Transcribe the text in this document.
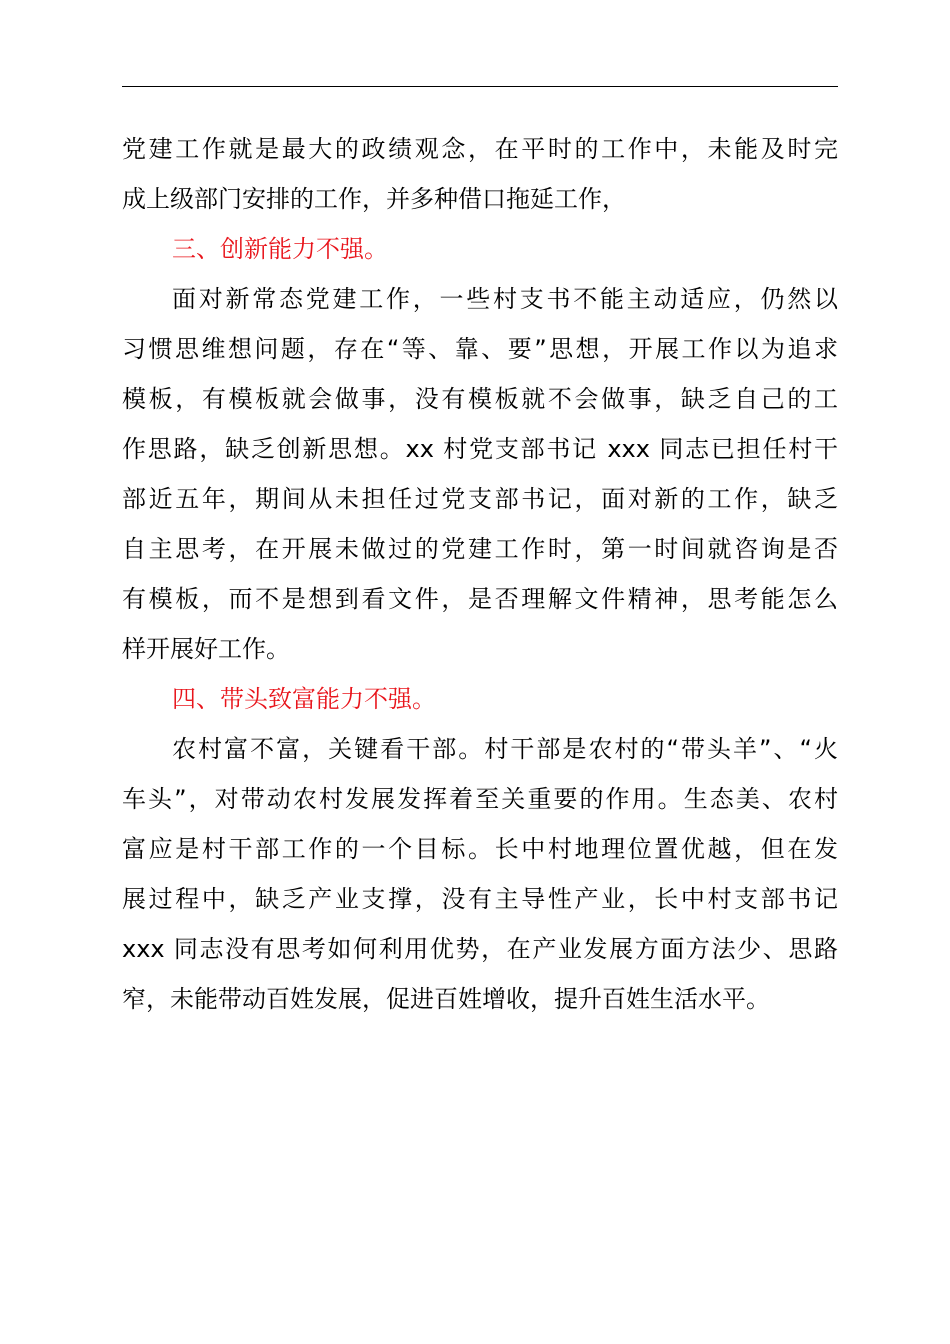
党建工作就是最大的政绩观念，在平时的工作中，未能及时完
成上级部门安排的工作，并多种借口拖延工作，
三、创新能力不强。
面对新常态党建工作，一些村支书不能主动适应，仍然以
习惯思维想问题，存在“等、靠、要”思想，开展工作以为追求
模板，有模板就会做事，没有模板就不会做事，缺乏自己的工
作思路，缺乏创新思想。xx 村党支部书记 xxx 同志已担任村干
部近五年，期间从未担任过党支部书记，面对新的工作，缺乏
自主思考，在开展未做过的党建工作时，第一时间就咨询是否
有模板，而不是想到看文件，是否理解文件精神，思考能怎么
样开展好工作。
四、带头致富能力不强。
农村富不富，关键看干部。村干部是农村的“带头羊”、“火
车头”，对带动农村发展发挥着至关重要的作用。生态美、农村
富应是村干部工作的一个目标。长中村地理位置优越，但在发
展过程中，缺乏产业支撑，没有主导性产业，长中村支部书记
xxx 同志没有思考如何利用优势，在产业发展方面方法少、思路
窄，未能带动百姓发展，促进百姓增收，提升百姓生活水平。
